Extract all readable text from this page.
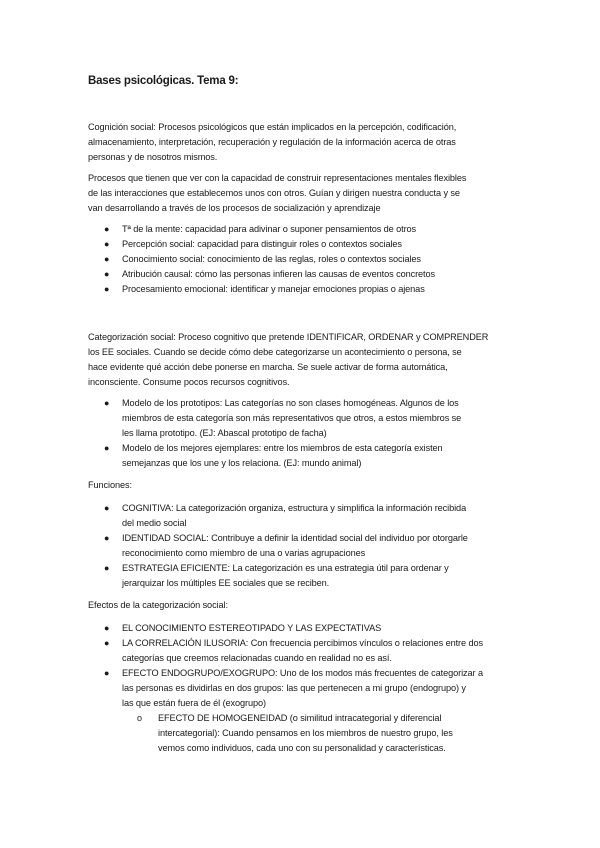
Bases psicológicas. Tema 9:

Cognición social: Procesos psicológicos que están implicados en la percepción, codificación,
almacenamiento, interpretación, recuperación y regulación de la información acerca de otras
personas y de nosotros mismos.

Procesos que tienen que ver con la capacidad de construir representaciones mentales flexibles
de las interacciones que establecemos unos con otros. Guían y dirigen nuestra conducta y se
van desarrollando a través de los procesos de socialización y aprendizaje

● Tª de la mente: capacidad para adivinar o suponer pensamientos de otros
● Percepción social: capacidad para distinguir roles o contextos sociales
● Conocimiento social: conocimiento de las reglas, roles o contextos sociales
● Atribución causal: cómo las personas infieren las causas de eventos concretos
● Procesamiento emocional: identificar y manejar emociones propias o ajenas

Categorización social: Proceso cognitivo que pretende IDENTIFICAR, ORDENAR y COMPRENDER
los EE sociales. Cuando se decide cómo debe categorizarse un acontecimiento o persona, se
hace evidente qué acción debe ponerse en marcha. Se suele activar de forma automática,
inconsciente. Consume pocos recursos cognitivos.

● Modelo de los prototipos: Las categorías no son clases homogéneas. Algunos de los
miembros de esta categoría son más representativos que otros, a estos miembros se
les llama prototipo. (EJ: Abascal prototipo de facha)
● Modelo de los mejores ejemplares: entre los miembros de esta categoría existen
semejanzas que los une y los relaciona. (EJ: mundo animal)

Funciones:

● COGNITIVA: La categorización organiza, estructura y simplifica la información recibida
del medio social
● IDENTIDAD SOCIAL: Contribuye a definir la identidad social del individuo por otorgarle
reconocimiento como miembro de una o varias agrupaciones
● ESTRATEGIA EFICIENTE: La categorización es una estrategia útil para ordenar y
jerarquizar los múltiples EE sociales que se reciben.

Efectos de la categorización social:

● EL CONOCIMIENTO ESTEREOTIPADO Y LAS EXPECTATIVAS
● LA CORRELACIÓN ILUSORIA: Con frecuencia percibimos vínculos o relaciones entre dos
categorías que creemos relacionadas cuando en realidad no es así.
● EFECTO ENDOGRUPO/EXOGRUPO: Uno de los modos más frecuentes de categorizar a
las personas es dividirlas en dos grupos: las que pertenecen a mi grupo (endogrupo) y
las que están fuera de él (exogrupo)
o EFECTO DE HOMOGENEIDAD (o similitud intracategorial y diferencial
intercategorial): Cuando pensamos en los miembros de nuestro grupo, les
vemos como individuos, cada uno con su personalidad y características.
